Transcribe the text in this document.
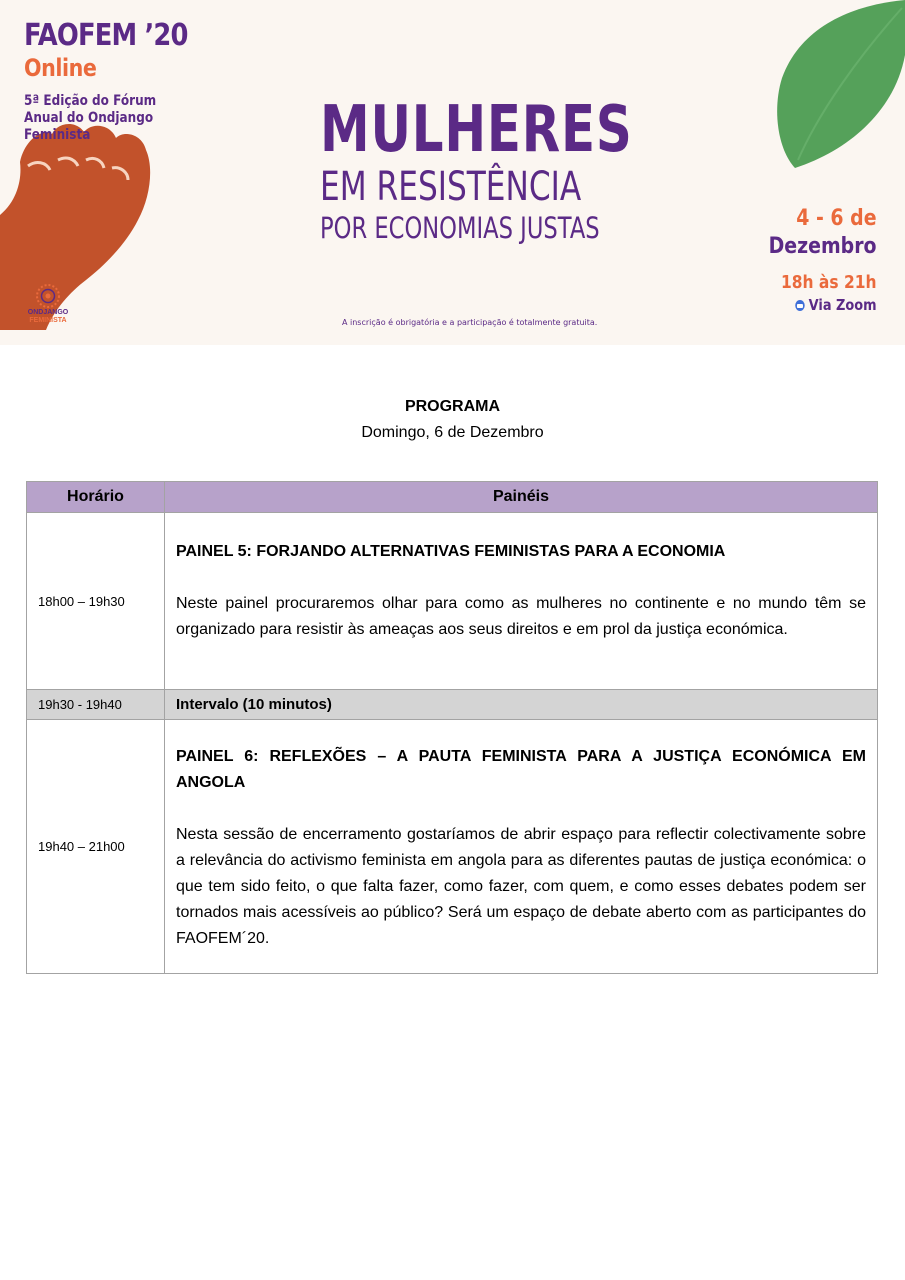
FAOFEM ’20
Online
5ª Edição do Fórum Anual do Ondjango Feminista	MULHERES
EM RESISTÊNCIA
POR ECONOMIAS JUSTAS	4 - 6 de
Dezembro
18h às 21h
Via Zoom
A inscrição é obrigatória e a participação é totalmente gratuita.
ONDJANGO
FEMINISTA
PROGRAMA
Domingo, 6 de Dezembro
Horário	Painéis
18h00 – 19h30	PAINEL 5: FORJANDO ALTERNATIVAS FEMINISTAS PARA A ECONOMIA

Neste painel procuraremos olhar para como as mulheres no continente e no mundo têm se organizado para resistir às ameaças aos seus direitos e em prol da justiça económica.

19h30 - 19h40	Intervalo (10 minutos)
19h40 – 21h00	PAINEL 6: REFLEXÕES – A PAUTA FEMINISTA PARA A JUSTIÇA ECONÓMICA EM ANGOLA

Nesta sessão de encerramento gostaríamos de abrir espaço para reflectir colectivamente sobre a relevância do activismo feminista em angola para as diferentes pautas de justiça económica: o que tem sido feito, o que falta fazer, como fazer, com quem, e como esses debates podem ser tornados mais acessíveis ao público? Será um espaço de debate aberto com as participantes do FAOFEM´20.
